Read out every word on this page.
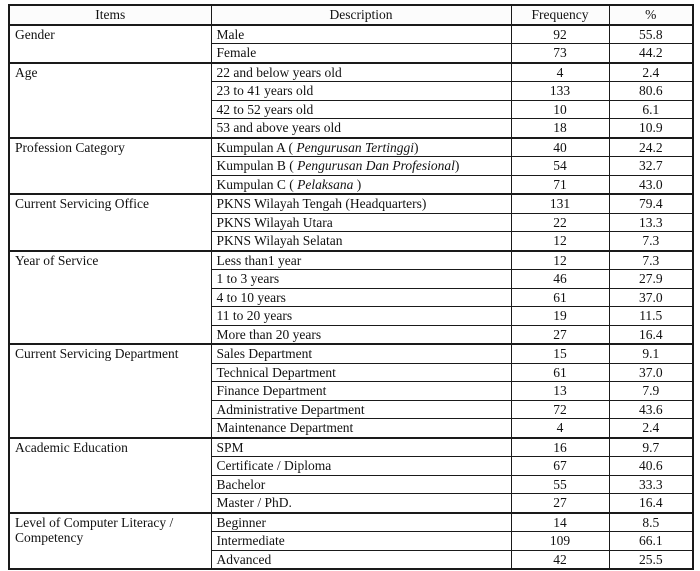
Items	Description	Frequency	%
Gender	Male	92	55.8
	Female	73	44.2
Age	22 and below years old	4	2.4
	23 to 41 years old	133	80.6
	42 to 52 years old	10	6.1
	53 and above years old	18	10.9
Profession Category	Kumpulan A ( Pengurusan Tertinggi)	40	24.2
	Kumpulan B ( Pengurusan Dan Profesional)	54	32.7
	Kumpulan C ( Pelaksana )	71	43.0
Current Servicing Office	PKNS Wilayah Tengah (Headquarters)	131	79.4
	PKNS Wilayah Utara	22	13.3
	PKNS Wilayah Selatan	12	7.3
Year of Service	Less than1 year	12	7.3
	1 to 3 years	46	27.9
	4 to 10 years	61	37.0
	11 to 20 years	19	11.5
	More than 20 years	27	16.4
Current Servicing Department	Sales Department	15	9.1
	Technical Department	61	37.0
	Finance Department	13	7.9
	Administrative Department	72	43.6
	Maintenance Department	4	2.4
Academic Education	SPM	16	9.7
	Certificate / Diploma	67	40.6
	Bachelor	55	33.3
	Master / PhD.	27	16.4
Level of Computer Literacy / Competency	Beginner	14	8.5
	Intermediate	109	66.1
	Advanced	42	25.5
